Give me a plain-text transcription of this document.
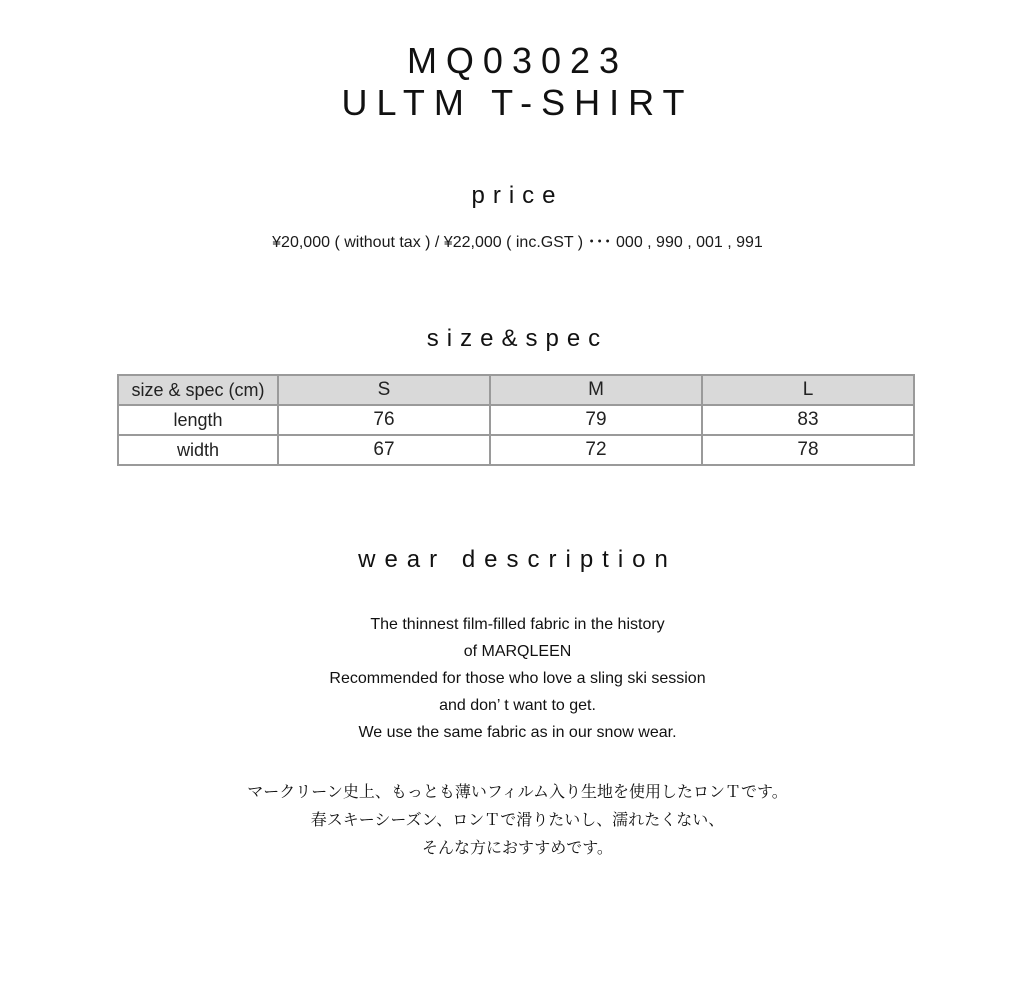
MQ03023
ULTM T-SHIRT
price
¥20,000 ( without tax ) / ¥22,000 ( inc.GST ) ･･･ 000 , 990 , 001 , 991
size&spec
size & spec (cm)	S	M	L
length	76	79	83
width	67	72	78
wear description
The thinnest film-filled fabric in the history
of MARQLEEN
Recommended for those who love a sling ski session
and don’ t want to get.
We use the same fabric as in our snow wear.
マークリーン史上、もっとも薄いフィルム入り生地を使用したロンＴです。
春スキーシーズン、ロンＴで滑りたいし、濡れたくない、
そんな方におすすめです。
